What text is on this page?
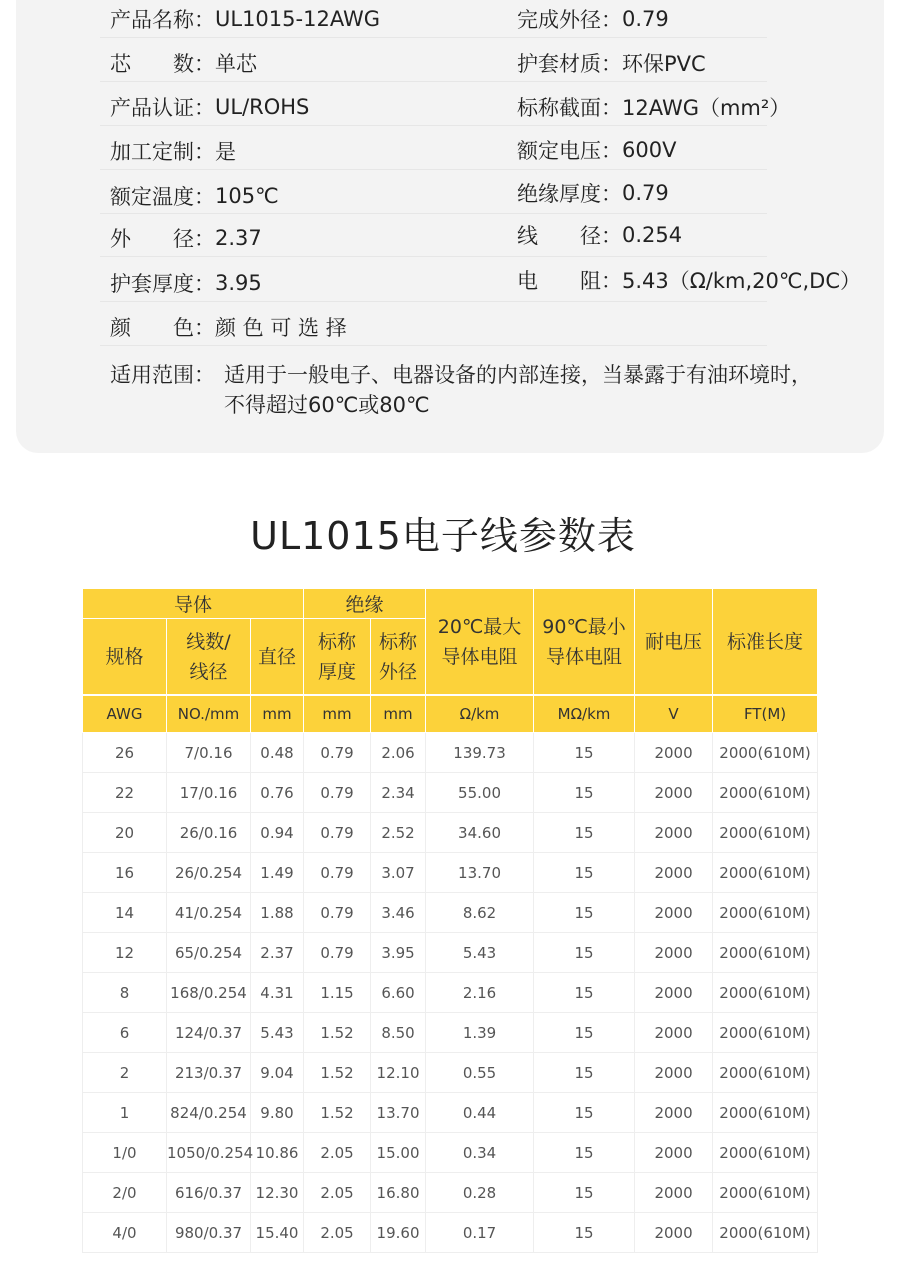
产品名称： UL1015-12AWG
芯　　数： 单芯
产品认证： UL/ROHS
加工定制： 是
额定温度： 105℃
外　　径： 2.37
护套厚度： 3.95
颜　　色： 颜 色 可 选 择
完成外径： 0.79
护套材质： 环保PVC
标称截面： 12AWG（mm²）
额定电压： 600V
绝缘厚度： 0.79
线　　径： 0.254
电　　阻： 5.43（Ω/km,20℃,DC）
适用范围： 适用于一般电子、电器设备的内部连接，当暴露于有油环境时，不得超过60℃或80℃
UL1015电子线参数表
导体			绝缘		20℃最大导体电阻	90℃最小导体电阻	耐电压	标准长度
规格	线数/线径	直径	标称厚度	标称外径				
AWG	NO./mm	mm	mm	mm	Ω/km	MΩ/km	V	FT(M)
26	7/0.16	0.48	0.79	2.06	139.73	15	2000	2000(610M)
22	17/0.16	0.76	0.79	2.34	55.00	15	2000	2000(610M)
20	26/0.16	0.94	0.79	2.52	34.60	15	2000	2000(610M)
16	26/0.254	1.49	0.79	3.07	13.70	15	2000	2000(610M)
14	41/0.254	1.88	0.79	3.46	8.62	15	2000	2000(610M)
12	65/0.254	2.37	0.79	3.95	5.43	15	2000	2000(610M)
8	168/0.254	4.31	1.15	6.60	2.16	15	2000	2000(610M)
6	124/0.37	5.43	1.52	8.50	1.39	15	2000	2000(610M)
2	213/0.37	9.04	1.52	12.10	0.55	15	2000	2000(610M)
1	824/0.254	9.80	1.52	13.70	0.44	15	2000	2000(610M)
1/0	1050/0.254	10.86	2.05	15.00	0.34	15	2000	2000(610M)
2/0	616/0.37	12.30	2.05	16.80	0.28	15	2000	2000(610M)
4/0	980/0.37	15.40	2.05	19.60	0.17	15	2000	2000(610M)
